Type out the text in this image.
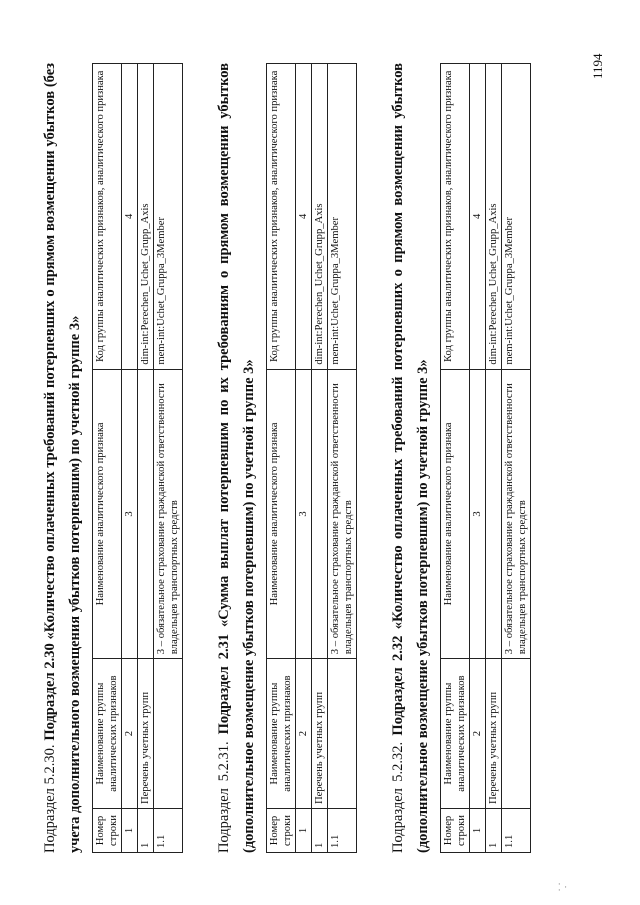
Подраздел 5.2.30. Подраздел 2.30 «Количество оплаченных требований потерпевших о прямом возмещении убытков (без учета дополнительного возмещения убытков потерпевшим) по учетной группе 3»	Номер строки	Наименование группы аналитических признаков	Наименование аналитического признака	Код группы аналитических признаков, аналитического признака
1	2	3	4
1	Перечень учетных групп		dim-int:Perechen_Uchet_Grupp_Axis
1.1		3 – обязательное страхование гражданской ответственности владельцев транспортных средств	mem-int:Uchet_Gruppa_3Member
Подраздел 5.2.31. Подраздел 2.31 «Сумма выплат потерпевшим по их требованиям о прямом возмещении убытков (дополнительное возмещение убытков потерпевшим) по учетной группе 3»	Номер строки	Наименование группы аналитических признаков	Наименование аналитического признака	Код группы аналитических признаков, аналитического признака
1	2	3	4
1	Перечень учетных групп		dim-int:Perechen_Uchet_Grupp_Axis
1.1		3 – обязательное страхование гражданской ответственности владельцев транспортных средств	mem-int:Uchet_Gruppa_3Member
Подраздел 5.2.32. Подраздел 2.32 «Количество оплаченных требований потерпевших о прямом возмещении убытков (дополнительное возмещение убытков потерпевшим) по учетной группе 3»	Номер строки	Наименование группы аналитических признаков	Наименование аналитического признака	Код группы аналитических признаков, аналитического признака
1	2	3	4
1	Перечень учетных групп		dim-int:Perechen_Uchet_Grupp_Axis
1.1		3 – обязательное страхование гражданской ответственности владельцев транспортных средств	mem-int:Uchet_Gruppa_3Member
1194
⸪
